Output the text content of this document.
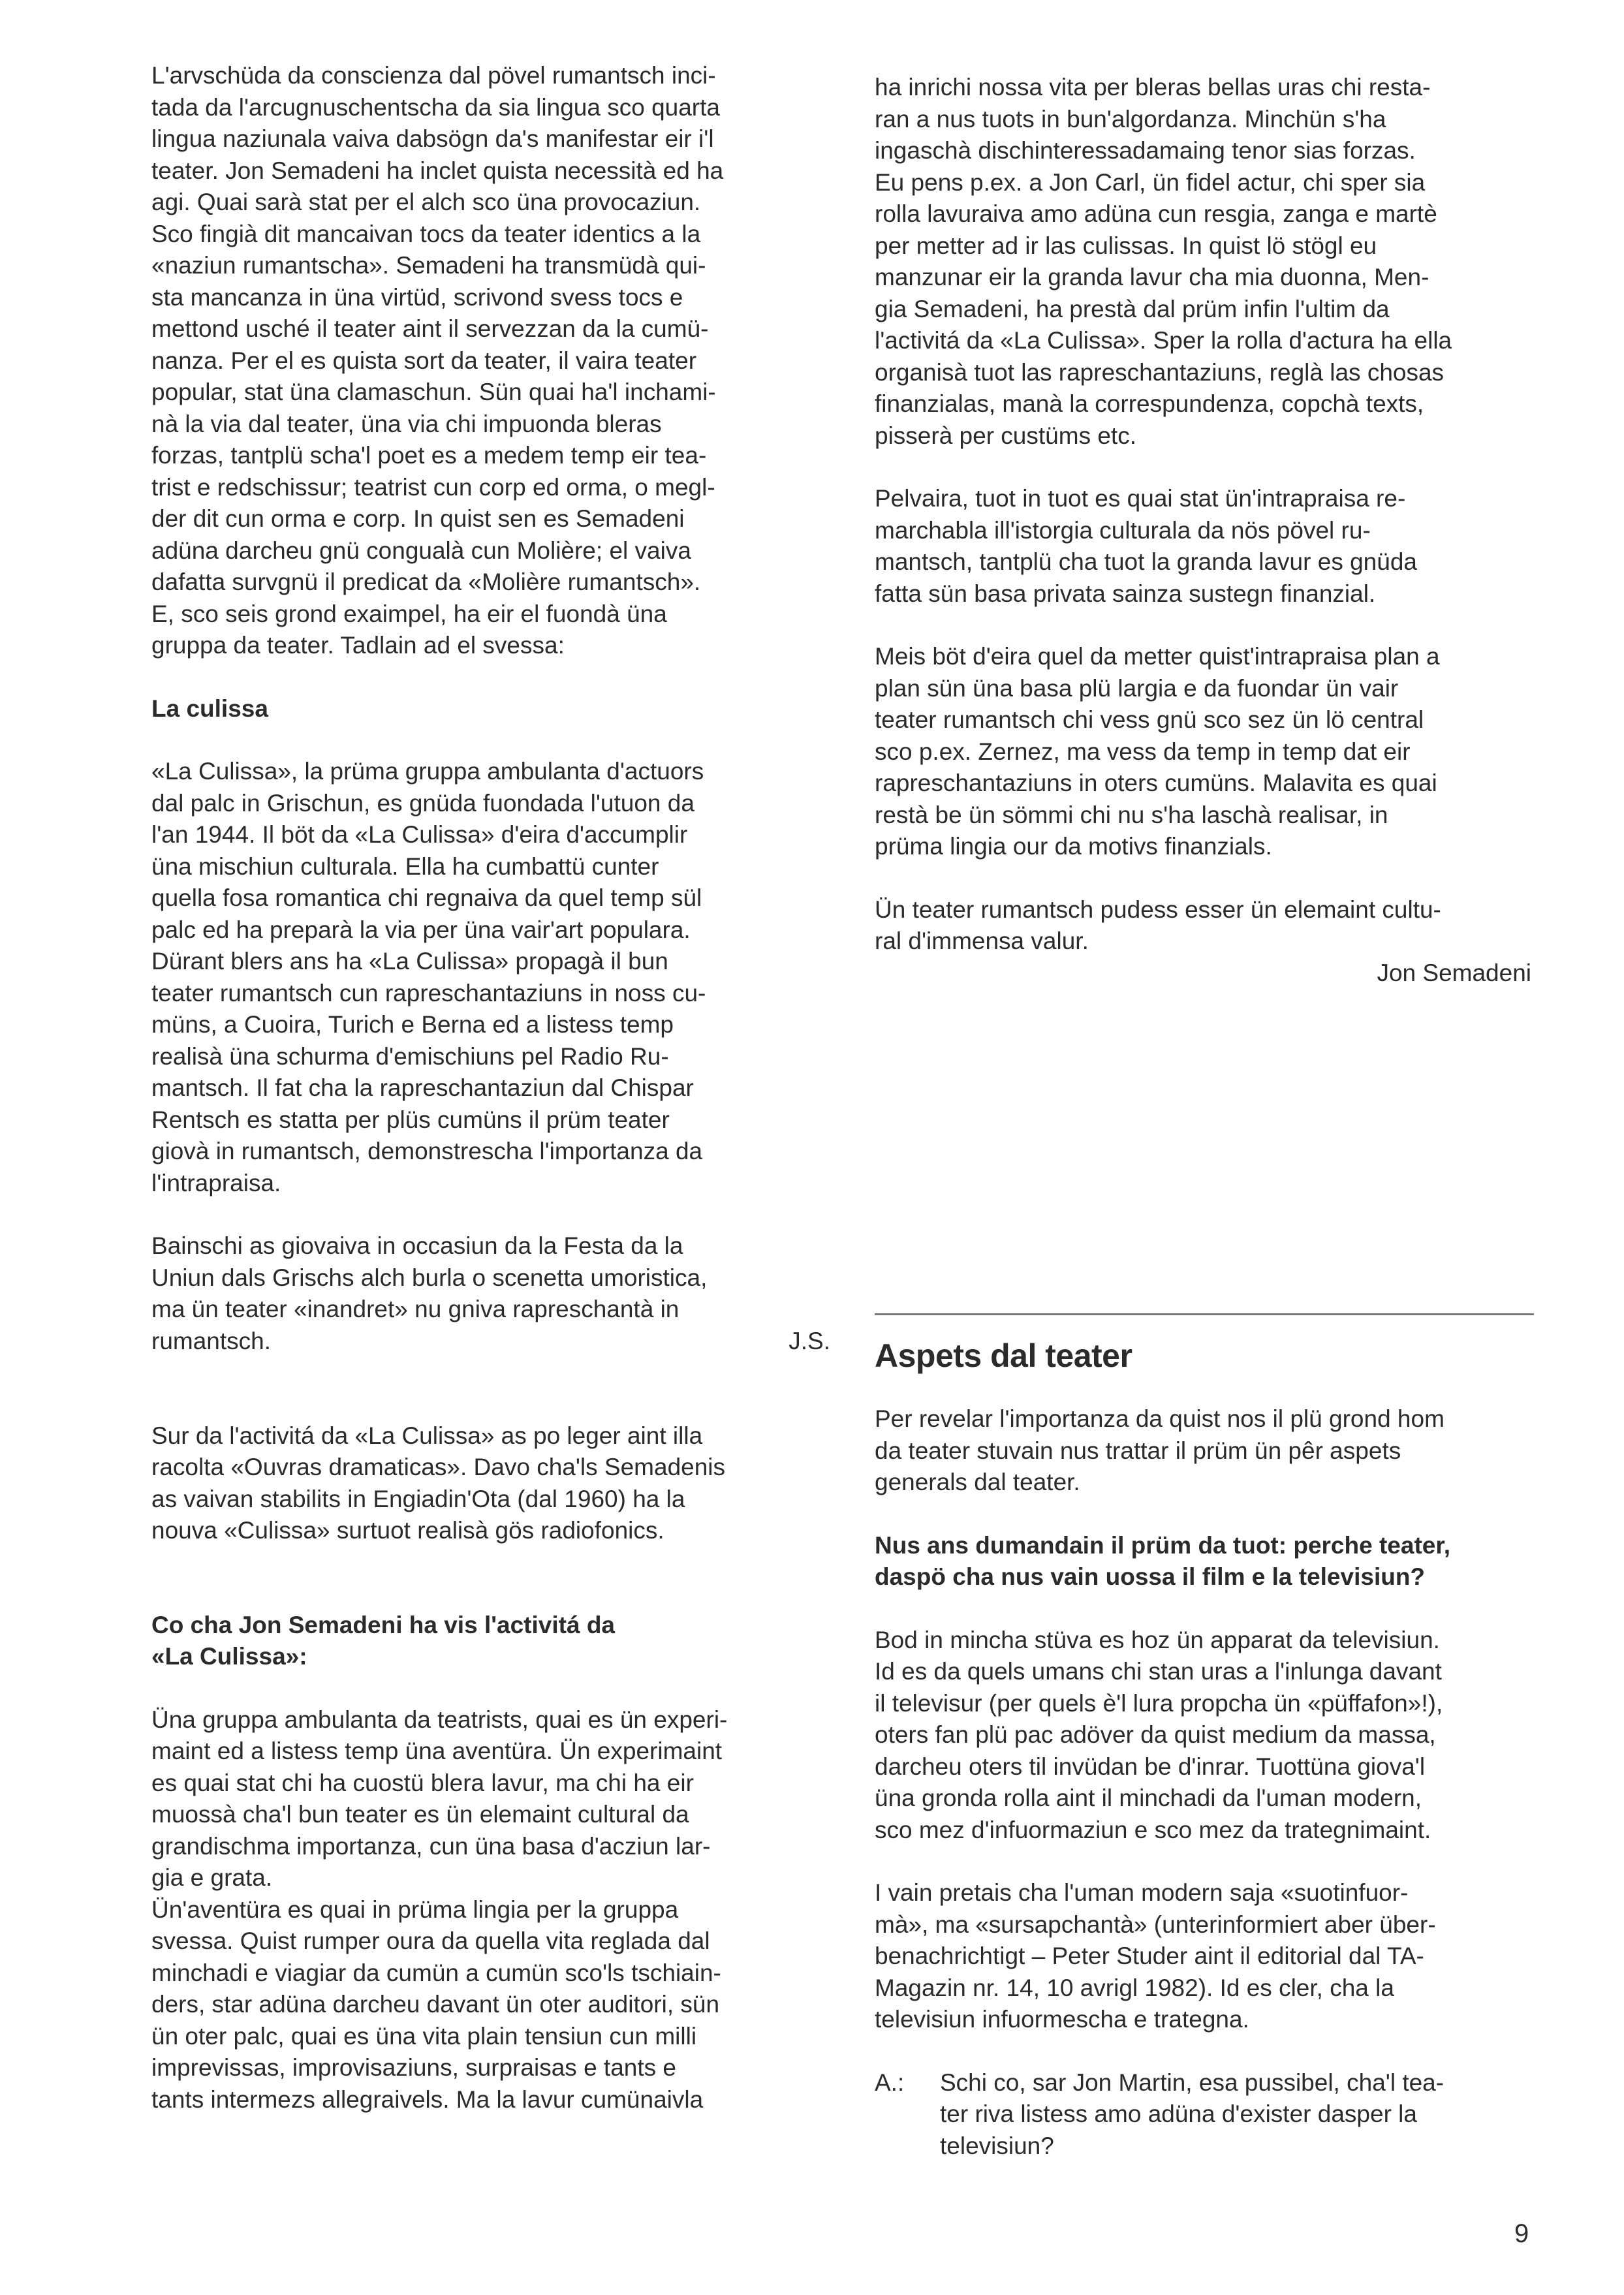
L'arvschüda da conscienza dal pövel rumantsch inci-
tada da l'arcugnuschentscha da sia lingua sco quarta
lingua naziunala vaiva dabsögn da's manifestar eir i'l
teater. Jon Semadeni ha inclet quista necessità ed ha
agi. Quai sarà stat per el alch sco üna provocaziun.
Sco fingià dit mancaivan tocs da teater identics a la
«naziun rumantscha». Semadeni ha transmüdà qui-
sta mancanza in üna virtüd, scrivond svess tocs e
mettond usché il teater aint il servezzan da la cumü-
nanza. Per el es quista sort da teater, il vaira teater
popular, stat üna clamaschun. Sün quai ha'l inchami-
nà la via dal teater, üna via chi impuonda bleras
forzas, tantplü scha'l poet es a medem temp eir tea-
trist e redschissur; teatrist cun corp ed orma, o megl-
der dit cun orma e corp. In quist sen es Semadeni
adüna darcheu gnü congualà cun Molière; el vaiva
dafatta survgnü il predicat da «Molière rumantsch».
E, sco seis grond exaimpel, ha eir el fuondà üna
gruppa da teater. Tadlain ad el svessa:
La culissa
«La Culissa», la prüma gruppa ambulanta d'actuors
dal palc in Grischun, es gnüda fuondada l'utuon da
l'an 1944. Il böt da «La Culissa» d'eira d'accumplir
üna mischiun culturala. Ella ha cumbattü cunter
quella fosa romantica chi regnaiva da quel temp sül
palc ed ha preparà la via per üna vair'art populara.
Dürant blers ans ha «La Culissa» propagà il bun
teater rumantsch cun rapreschantaziuns in noss cu-
müns, a Cuoira, Turich e Berna ed a listess temp
realisà üna schurma d'emischiuns pel Radio Ru-
mantsch. Il fat cha la rapreschantaziun dal Chispar
Rentsch es statta per plüs cumüns il prüm teater
giovà in rumantsch, demonstrescha l'importanza da
l'intrapraisa.
Bainschi as giovaiva in occasiun da la Festa da la
Uniun dals Grischs alch burla o scenetta umoristica,
ma ün teater «inandret» nu gniva rapreschantà in
rumantsch.	J.S.
Sur da l'activitá da «La Culissa» as po leger aint illa
racolta «Ouvras dramaticas». Davo cha'ls Semadenis
as vaivan stabilits in Engiadin'Ota (dal 1960) ha la
nouva «Culissa» surtuot realisà gös radiofonics.
Co cha Jon Semadeni ha vis l'activitá da
«La Culissa»:
Üna gruppa ambulanta da teatrists, quai es ün experi-
maint ed a listess temp üna aventüra. Ün experimaint
es quai stat chi ha cuostü blera lavur, ma chi ha eir
muossà cha'l bun teater es ün elemaint cultural da
grandischma importanza, cun üna basa d'acziun lar-
gia e grata.
Ün'aventüra es quai in prüma lingia per la gruppa
svessa. Quist rumper oura da quella vita reglada dal
minchadi e viagiar da cumün a cumün sco'ls tschiain-
ders, star adüna darcheu davant ün oter auditori, sün
ün oter palc, quai es üna vita plain tensiun cun milli
imprevissas, improvisaziuns, surpraisas e tants e
tants intermezs allegraivels. Ma la lavur cumünaivla
ha inrichi nossa vita per bleras bellas uras chi resta-
ran a nus tuots in bun'algordanza. Minchün s'ha
ingaschà dischinteressadamaing tenor sias forzas.
Eu pens p.ex. a Jon Carl, ün fidel actur, chi sper sia
rolla lavuraiva amo adüna cun resgia, zanga e martè
per metter ad ir las culissas. In quist lö stögl eu
manzunar eir la granda lavur cha mia duonna, Men-
gia Semadeni, ha prestà dal prüm infin l'ultim da
l'activitá da «La Culissa». Sper la rolla d'actura ha ella
organisà tuot las rapreschantaziuns, reglà las chosas
finanzialas, manà la correspundenza, copchà texts,
pisserà per custüms etc.
Pelvaira, tuot in tuot es quai stat ün'intrapraisa re-
marchabla ill'istorgia culturala da nös pövel ru-
mantsch, tantplü cha tuot la granda lavur es gnüda
fatta sün basa privata sainza sustegn finanzial.
Meis böt d'eira quel da metter quist'intrapraisa plan a
plan sün üna basa plü largia e da fuondar ün vair
teater rumantsch chi vess gnü sco sez ün lö central
sco p.ex. Zernez, ma vess da temp in temp dat eir
rapreschantaziuns in oters cumüns. Malavita es quai
restà be ün sömmi chi nu s'ha laschà realisar, in
prüma lingia our da motivs finanzials.
Ün teater rumantsch pudess esser ün elemaint cultu-
ral d'immensa valur.
Jon Semadeni
Aspets dal teater
Per revelar l'importanza da quist nos il plü grond hom
da teater stuvain nus trattar il prüm ün pêr aspets
generals dal teater.
Nus ans dumandain il prüm da tuot: perche teater,
daspö cha nus vain uossa il film e la televisiun?
Bod in mincha stüva es hoz ün apparat da televisiun.
Id es da quels umans chi stan uras a l'inlunga davant
il televisur (per quels è'l lura propcha ün «püffafon»!),
oters fan plü pac adöver da quist medium da massa,
darcheu oters til invüdan be d'inrar. Tuottüna giova'l
üna gronda rolla aint il minchadi da l'uman modern,
sco mez d'infuormaziun e sco mez da trategnimaint.
I vain pretais cha l'uman modern saja «suotinfuor-
mà», ma «sursapchantà» (unterinformiert aber über-
benachrichtigt – Peter Studer aint il editorial dal TA-
Magazin nr. 14, 10 avrigl 1982). Id es cler, cha la
televisiun infuormescha e trategna.
A.:	Schi co, sar Jon Martin, esa pussibel, cha'l tea-
ter riva listess amo adüna d'exister dasper la
televisiun?
9
